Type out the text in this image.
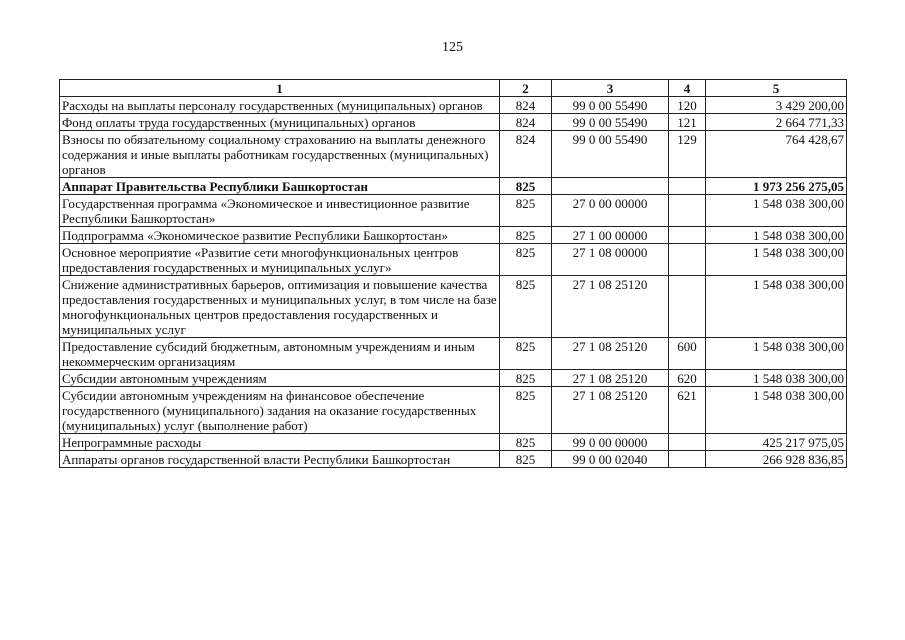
125
1	2	3	4	5
Расходы на выплаты персоналу государственных (муниципальных) органов	824	99 0 00 55490	120	3 429 200,00
Фонд оплаты труда государственных (муниципальных) органов	824	99 0 00 55490	121	2 664 771,33
Взносы по обязательному социальному страхованию на выплаты денежного содержания и иные выплаты работникам государственных (муниципальных) органов	824	99 0 00 55490	129	764 428,67
Аппарат Правительства Республики Башкортостан	825			1 973 256 275,05
Государственная программа «Экономическое и инвестиционное развитие Республики Башкортостан»	825	27 0 00 00000		1 548 038 300,00
Подпрограмма «Экономическое развитие Республики Башкортостан»	825	27 1 00 00000		1 548 038 300,00
Основное мероприятие «Развитие сети многофункциональных центров предоставления государственных и муниципальных услуг»	825	27 1 08 00000		1 548 038 300,00
Снижение административных барьеров, оптимизация и повышение качества предоставления государственных и муниципальных услуг, в том числе на базе многофункциональных центров предоставления государственных и муниципальных услуг	825	27 1 08 25120		1 548 038 300,00
Предоставление субсидий бюджетным, автономным учреждениям и иным некоммерческим организациям	825	27 1 08 25120	600	1 548 038 300,00
Субсидии автономным учреждениям	825	27 1 08 25120	620	1 548 038 300,00
Субсидии автономным учреждениям на финансовое обеспечение государственного (муниципального) задания на оказание государственных (муниципальных) услуг (выполнение работ)	825	27 1 08 25120	621	1 548 038 300,00
Непрограммные расходы	825	99 0 00 00000		425 217 975,05
Аппараты органов государственной власти Республики Башкортостан	825	99 0 00 02040		266 928 836,85
